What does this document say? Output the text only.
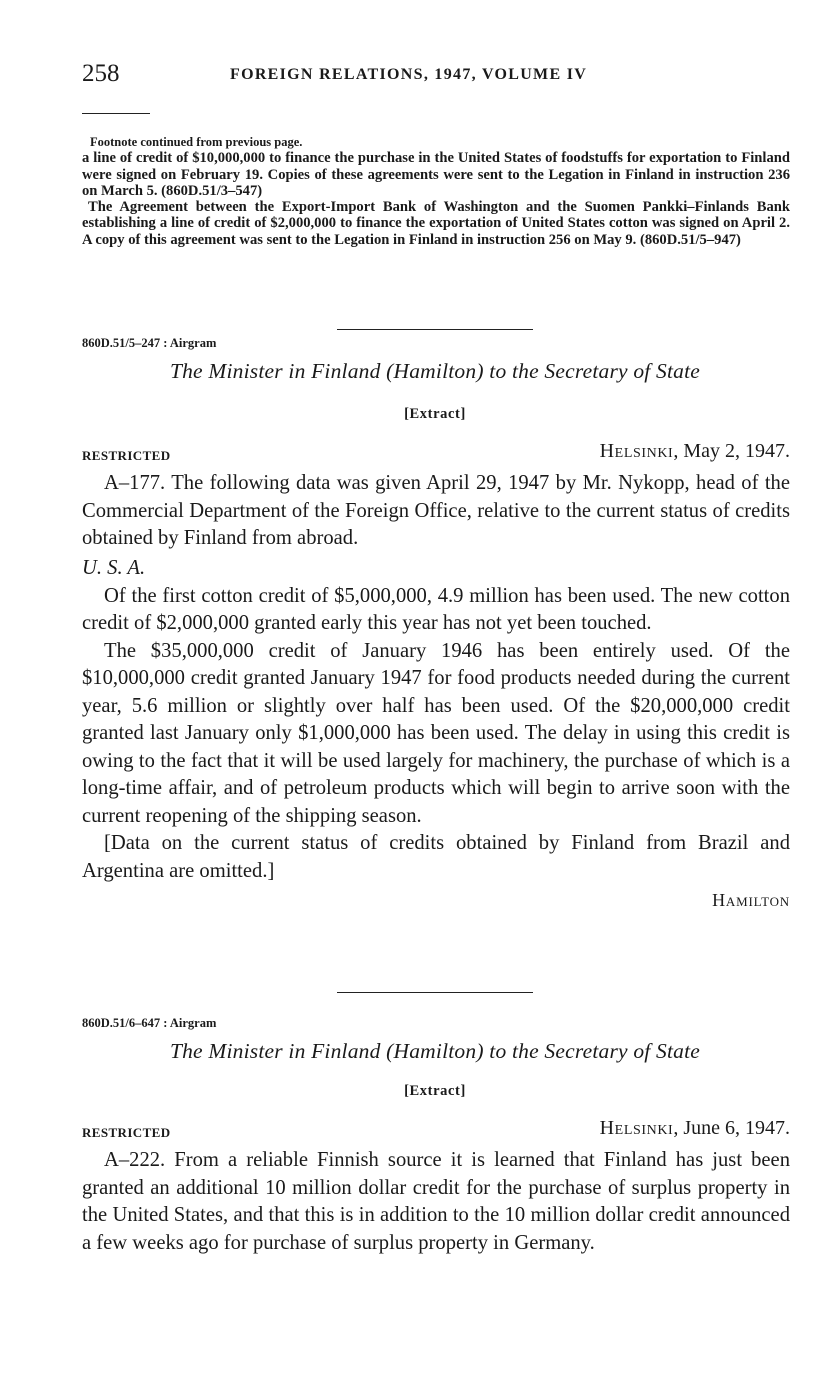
258	FOREIGN RELATIONS, 1947, VOLUME IV
Footnote continued from previous page.

a line of credit of $10,000,000 to finance the purchase in the United States of foodstuffs for exportation to Finland were signed on February 19. Copies of these agreements were sent to the Legation in Finland in instruction 236 on March 5. (860D.51/3–547)

The Agreement between the Export-Import Bank of Washington and the Suomen Pankki–Finlands Bank establishing a line of credit of $2,000,000 to finance the exportation of United States cotton was signed on April 2. A copy of this agreement was sent to the Legation in Finland in instruction 256 on May 9. (860D.51/5–947)

860D.51/5–247 : Airgram
The Minister in Finland (Hamilton) to the Secretary of State
[Extract]
RESTRICTED	Helsinki, May 2, 1947.

A–177. The following data was given April 29, 1947 by Mr. Nykopp, head of the Commercial Department of the Foreign Office, relative to the current status of credits obtained by Finland from abroad.

U. S. A.

Of the first cotton credit of $5,000,000, 4.9 million has been used. The new cotton credit of $2,000,000 granted early this year has not yet been touched.

The $35,000,000 credit of January 1946 has been entirely used. Of the $10,000,000 credit granted January 1947 for food products needed during the current year, 5.6 million or slightly over half has been used. Of the $20,000,000 credit granted last January only $1,000,000 has been used. The delay in using this credit is owing to the fact that it will be used largely for machinery, the purchase of which is a long-time affair, and of petroleum products which will begin to arrive soon with the current reopening of the shipping season.

[Data on the current status of credits obtained by Finland from Brazil and Argentina are omitted.]

Hamilton
860D.51/6–647 : Airgram
The Minister in Finland (Hamilton) to the Secretary of State
[Extract]
RESTRICTED	Helsinki, June 6, 1947.

A–222. From a reliable Finnish source it is learned that Finland has just been granted an additional 10 million dollar credit for the purchase of surplus property in the United States, and that this is in addition to the 10 million dollar credit announced a few weeks ago for purchase of surplus property in Germany.
